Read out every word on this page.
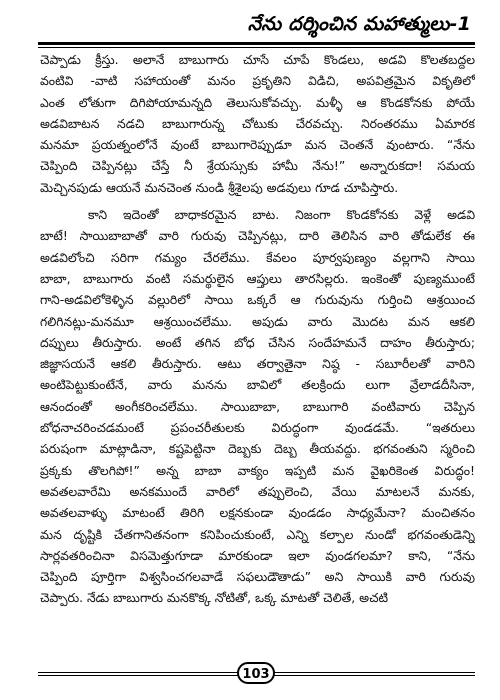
నేను దర్శించిన మహాత్ములు-1
చెప్పాడు క్రీస్తు. అలానే బాబుగారు చూసే చూపే కొండలు, అడవి కొలతబద్దల
వంటివి -వాటి సహాయంతో మనం ప్రకృతిని విడిచి, అపవిత్రమైన వికృతిలో
ఎంత లోతుగా దిగిపోయామన్నది తెలుసుకోవచ్చు. మళ్ళీ ఆ కొండకోనకు పోయే
అడవిబాటన నడచి బాబుగారున్న చోటుకు చేరవచ్చు. నిరంతరము ఏమారక
మనమా ప్రయత్నంలోనే వుంటే బాబుగారెప్పుడూ మన చెంతనే వుంటారు. “నేను
చెప్పింది చెప్పినట్లు చేస్తే నీ శ్రేయస్సుకు హామీ నేను!” అన్నారుకదా! సమయ
మెచ్చినపుడు ఆయనే మనచెంత నుండి శ్రీశైలపు అడవులు గూడ చూపిస్తారు.
కాని ఇదెంతో బాధాకరమైన బాట. నిజంగా కొండకోనకు వెళ్లే అడవి
బాటే! సాయిబాబాతో వారి గురువు చెప్పినట్లు, దారి తెలిసిన వారి తోడులేక ఈ
అడవిలోంచి సరిగా గమ్యం చేరలేము. కేవలం పూర్వపుణ్యం వల్లగాని సాయి
బాబా, బాబుగారు వంటి సమర్థులైన ఆప్తులు తారసిల్లరు. ఇంకెంతో పుణ్యముంటే
గాని-అడవిలోకెళ్ళిన వల్లురిలో సాయి ఒక్కరే ఆ గురువును గుర్తించి ఆశ్రయించ
గలిగినట్లు-మనమూ ఆశ్రయించలేము. అపుడు వారు మొదట మన ఆకలి
దప్పులు తీరుస్తారు. అంటే తగిన బోధ చేసిన సందేహమనే దాహం తీరుస్తారు;
జిజ్ఞాసయనే ఆకలి తీరుస్తారు. ఆటు తర్వాతైనా నిష్ఠ - సబూరీలతో వారిని
అంటిపెట్టుకుంటేనే, వారు మనను బావిలో తలక్రిందు లుగా వ్రేలాడదీసినా,
ఆనందంతో అంగీకరించలేము. సాయిబాబా, బాబుగారి వంటివారు చెప్పిన
బోధనాచరించడమంటే ప్రపంచరీతులకు విరుద్ధంగా వుండడమే. “ఇతరులు
పరుషంగా మాట్లాడినా, కష్టపెట్టినా దెబ్బకు దెబ్బ తీయవద్దు. భగవంతుని స్మరించి
ప్రక్కకు తొలగిపో!” అన్న బాబా వాక్యం ఇప్పటి మన వైఖరికెంత విరుద్ధం!
అవతలవారేమి అనకముందే వారిలో తప్పులెంచి, వేయి మాటలనే మనకు,
అవతలవాళ్ళు మాటంటే తిరిగి లక్షనకుండా వుండడం సాధ్యమేనా? మంచితనం
మన దృష్టికి చేతగానితనంగా కనిపించుకుంటే, ఎన్ని కల్పాల నుండో భగవంతుడెన్ని
సార్లవతరించినా విసమెత్తుగూడా మారకుండా ఇలా వుండగలమా? కాని, “నేను
చెప్పింది పూర్తిగా విశ్వసించగలవాడే సఫలుడౌతాడు” అని సాయికి వారి గురువు
చెప్పారు. నేడు బాబుగారు మనకొక్క నోటితో, ఒక్క మాటతో చెలితే, అచటి
103
